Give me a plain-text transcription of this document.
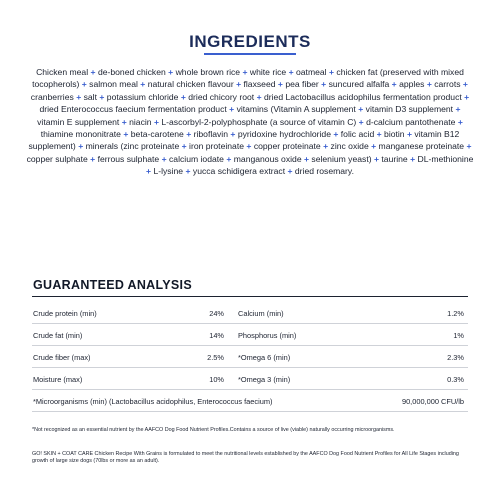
INGREDIENTS
Chicken meal + de-boned chicken + whole brown rice + white rice + oatmeal + chicken fat (preserved with mixed tocopherols) + salmon meal + natural chicken flavour + flaxseed + pea fiber + suncured alfalfa + apples + carrots + cranberries + salt + potassium chloride + dried chicory root + dried Lactobacillus acidophilus fermentation product + dried Enterococcus faecium fermentation product + vitamins (Vitamin A supplement + vitamin D3 supplement + vitamin E supplement + niacin + L-ascorbyl-2-polyphosphate (a source of vitamin C) + d-calcium pantothenate + thiamine mononitrate + beta-carotene + riboflavin + pyridoxine hydrochloride + folic acid + biotin + vitamin B12 supplement) + minerals (zinc proteinate + iron proteinate + copper proteinate + zinc oxide + manganese proteinate + copper sulphate + ferrous sulphate + calcium iodate + manganous oxide + selenium yeast) + taurine + DL-methionine + L-lysine + yucca schidigera extract + dried rosemary.
GUARANTEED ANALYSIS
Crude protein (min)	24% Calcium (min)	1.2%
Crude fat (min)	14% Phosphorus (min)	1%
Crude fiber (max)	2.5% *Omega 6 (min)	2.3%
Moisture (max)	10% *Omega 3 (min)	0.3%
*Microorganisms (min) (Lactobacillus acidophilus, Enterococcus faecium)	90,000,000 CFU/lb

*Not recognized as an essential nutrient by the AAFCO Dog Food Nutrient Profiles.Contains a source of live (viable) naturally occurring microorganisms.

GO! SKIN + COAT CARE Chicken Recipe With Grains is formulated to meet the nutritional levels established by the AAFCO Dog Food Nutrient Profiles for All Life Stages including growth of large size dogs (70lbs or more as an adult).
